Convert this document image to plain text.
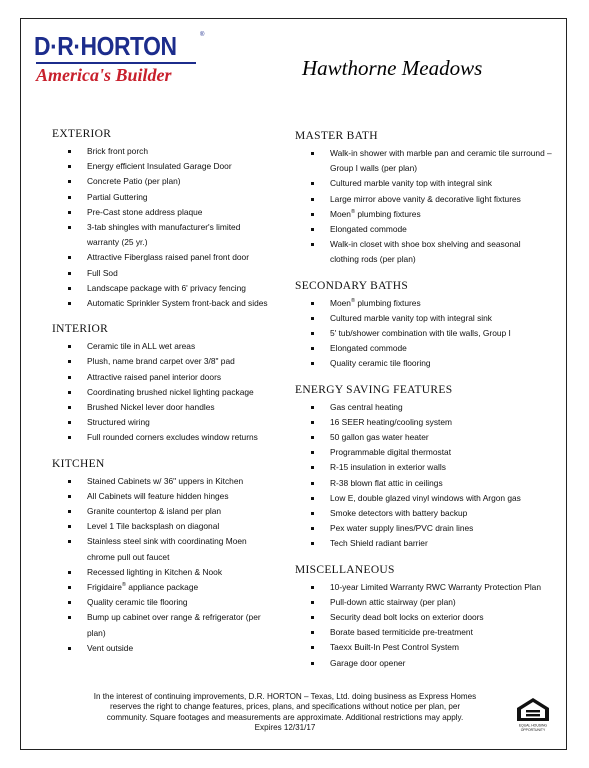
D·R·HORTON	®
America's Builder	Hawthorne Meadows
EXTERIOR
Brick front porch
Energy efficient Insulated Garage Door
Concrete Patio (per plan)
Partial Guttering
Pre-Cast stone address plaque
3-tab shingles with manufacturer's limited
warranty (25 yr.)
Attractive Fiberglass raised panel front door
Full Sod
Landscape package with 6' privacy fencing
Automatic Sprinkler System front-back and sides
INTERIOR
Ceramic tile in ALL wet areas
Plush, name brand carpet over 3/8" pad
Attractive raised panel interior doors
Coordinating brushed nickel lighting package
Brushed Nickel lever door handles
Structured wiring
Full rounded corners excludes window returns
KITCHEN
Stained Cabinets w/ 36" uppers in Kitchen
All Cabinets will feature hidden hinges
Granite countertop & island per plan
Level 1 Tile backsplash on diagonal
Stainless steel sink with coordinating Moen
chrome pull out faucet
Recessed lighting in Kitchen & Nook
Frigidaire® appliance package
Quality ceramic tile flooring
Bump up cabinet over range & refrigerator (per
plan)
Vent outside
MASTER BATH
Walk-in shower with marble pan and ceramic tile surround –
Group I walls (per plan)
Cultured marble vanity top with integral sink
Large mirror above vanity & decorative light fixtures
Moen® plumbing fixtures
Elongated commode
Walk-in closet with shoe box shelving and seasonal
clothing rods (per plan)
SECONDARY BATHS
Moen® plumbing fixtures
Cultured marble vanity top with integral sink
5' tub/shower combination with tile walls, Group I
Elongated commode
Quality ceramic tile flooring
ENERGY SAVING FEATURES
Gas central heating
16 SEER heating/cooling system
50 gallon gas water heater
Programmable digital thermostat
R-15 insulation in exterior walls
R-38 blown flat attic in ceilings
Low E, double glazed vinyl windows with Argon gas
Smoke detectors with battery backup
Pex water supply lines/PVC drain lines
Tech Shield radiant barrier
MISCELLANEOUS
10-year Limited Warranty RWC Warranty Protection Plan
Pull-down attic stairway (per plan)
Security dead bolt locks on exterior doors
Borate based termiticide pre-treatment
Taexx Built-In Pest Control System
Garage door opener
In the interest of continuing improvements, D.R. HORTON – Texas, Ltd. doing business as Express Homes
reserves the right to change features, prices, plans, and specifications without notice per plan, per
community. Square footages and measurements are approximate. Additional restrictions may apply.
Expires 12/31/17	EQUAL HOUSING
OPPORTUNITY
